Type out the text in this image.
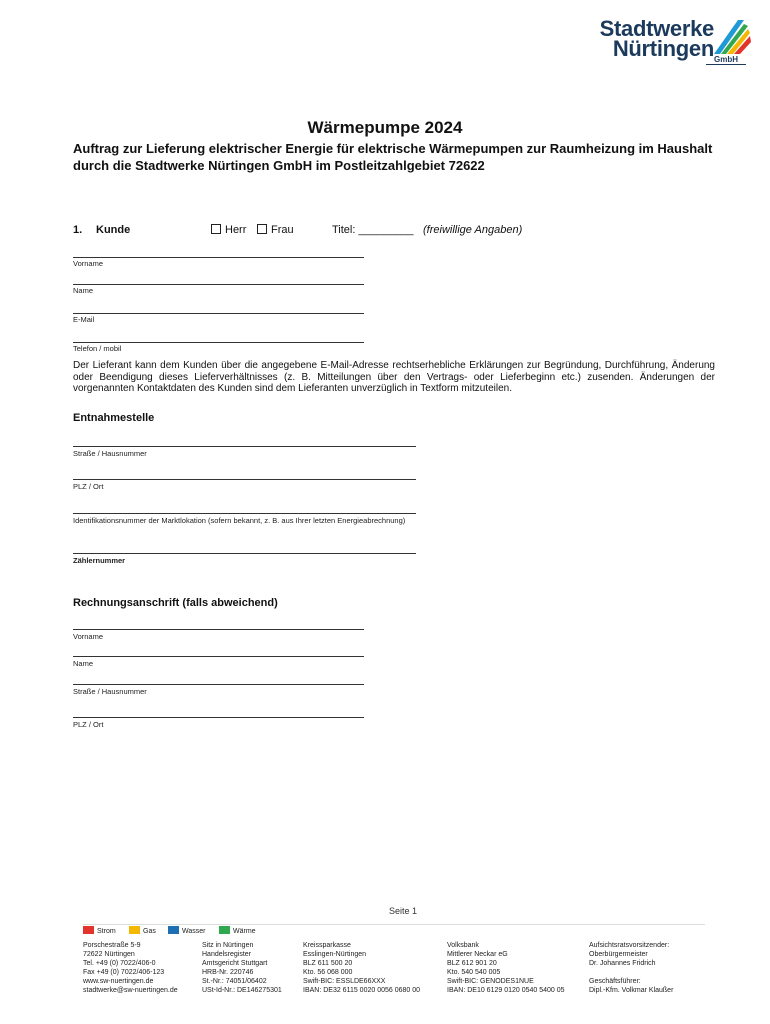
Stadtwerke
Nürtingen GmbH
Wärmepumpe 2024
Auftrag zur Lieferung elektrischer Energie für elektrische Wärmepumpen zur Raumheizung im Haushalt durch die Stadtwerke Nürtingen GmbH im Postleitzahlgebiet 72622
1. Kunde	Herr	Frau	Titel: _________ (freiwillige Angaben)
Vorname
Name
E-Mail
Telefon / mobil
Der Lieferant kann dem Kunden über die angegebene E-Mail-Adresse rechtserhebliche Erklärungen zur Begründung, Durchführung, Änderung oder Beendigung dieses Lieferverhältnisses (z. B. Mitteilungen über den Vertrags- oder Lieferbeginn etc.) zusenden. Änderungen der vorgenannten Kontaktdaten des Kunden sind dem Lieferanten unverzüglich in Textform mitzuteilen.
Entnahmestelle
Straße / Hausnummer
PLZ / Ort
Identifikationsnummer der Marktlokation (sofern bekannt, z. B. aus Ihrer letzten Energieabrechnung)
Zählernummer
Rechnungsanschrift (falls abweichend)
Vorname
Name
Straße / Hausnummer
PLZ / Ort
Seite 1
Strom	Gas	Wasser	Wärme
Porschestraße 5-9
72622 Nürtingen
Tel. +49 (0) 7022/406-0
Fax +49 (0) 7022/406-123
www.sw-nuertingen.de
stadtwerke@sw-nuertingen.de
Sitz in Nürtingen
Handelsregister
Amtsgericht Stuttgart
HRB-Nr. 220746
St.-Nr.: 74051/06402
USt-Id-Nr.: DE146275301
Kreissparkasse
Esslingen-Nürtingen
BLZ 611 500 20
Kto. 56 068 000
Swift-BIC: ESSLDE66XXX
IBAN: DE32 6115 0020 0056 0680 00
Volksbank
Mittlerer Neckar eG
BLZ 612 901 20
Kto. 540 540 005
Swift-BIC: GENODES1NUE
IBAN: DE10 6129 0120 0540 5400 05
Aufsichtsratsvorsitzender:
Oberbürgermeister
Dr. Johannes Fridrich
Geschäftsführer:
Dipl.-Kfm. Volkmar Klaußer
